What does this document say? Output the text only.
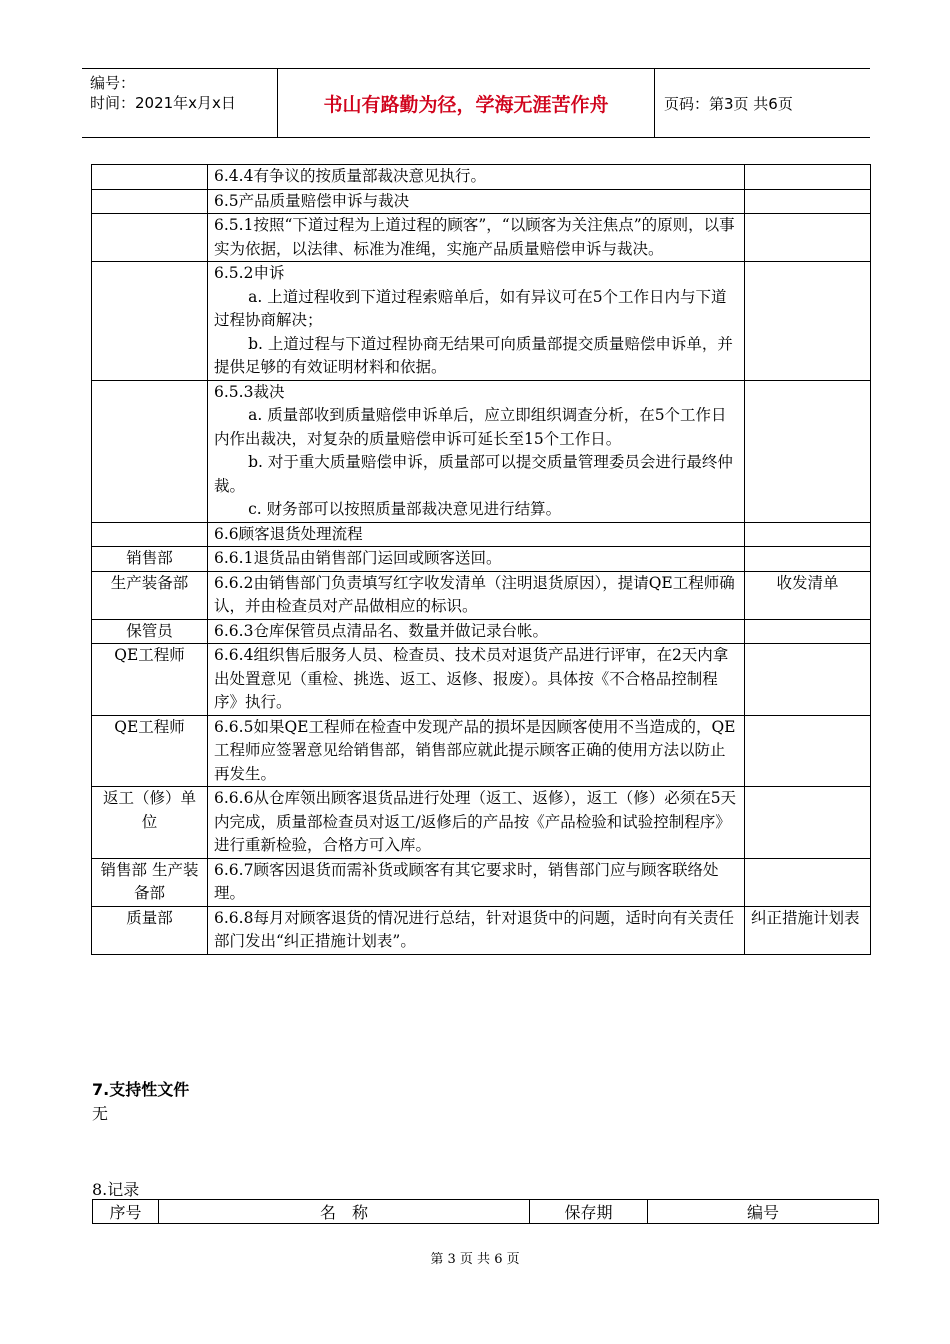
编号：
时间：2021年x月x日	书山有路勤为径，学海无涯苦作舟	页码：第3页 共6页

	6.4.4有争议的按质量部裁决意见执行。	

	6.5产品质量赔偿申诉与裁决	

	6.5.1按照“下道过程为上道过程的顾客”，“以顾客为关注焦点”的原则，以事实为依据，以法律、标准为准绳，实施产品质量赔偿申诉与裁决。	

	6.5.2申诉

a. 上道过程收到下道过程索赔单后，如有异议可在5个工作日内与下道过程协商解决；

b. 上道过程与下道过程协商无结果可向质量部提交质量赔偿申诉单，并提供足够的有效证明材料和依据。	

	6.5.3裁决

a. 质量部收到质量赔偿申诉单后，应立即组织调查分析，在5个工作日内作出裁决，对复杂的质量赔偿申诉可延长至15个工作日。

b. 对于重大质量赔偿申诉，质量部可以提交质量管理委员会进行最终仲裁。

c. 财务部可以按照质量部裁决意见进行结算。	

	6.6顾客退货处理流程	

销售部	6.6.1退货品由销售部门运回或顾客送回。	

生产装备部	6.6.2由销售部门负责填写红字收发清单（注明退货原因），提请QE工程师确认，并由检查员对产品做相应的标识。	收发清单
保管员	6.6.3仓库保管员点清品名、数量并做记录台帐。	

QE工程师	6.6.4组织售后服务人员、检查员、技术员对退货产品进行评审，在2天内拿出处置意见（重检、挑选、返工、返修、报废）。具体按《不合格品控制程序》执行。	

QE工程师	6.6.5如果QE工程师在检查中发现产品的损坏是因顾客使用不当造成的，QE工程师应签署意见给销售部，销售部应就此提示顾客正确的使用方法以防止再发生。	

返工（修）单位	6.6.6从仓库领出顾客退货品进行处理（返工、返修），返工（修）必须在5天内完成，质量部检查员对返工/返修后的产品按《产品检验和试验控制程序》进行重新检验，合格方可入库。	

销售部 生产装备部	6.6.7顾客因退货而需补货或顾客有其它要求时，销售部门应与顾客联络处理。	

质量部	6.6.8每月对顾客退货的情况进行总结，针对退货中的问题，适时向有关责任部门发出“纠正措施计划表”。	纠正措施计划表
7.支持性文件
无
8.记录
序号	名　称	保存期	编号
第 3 页 共 6 页
